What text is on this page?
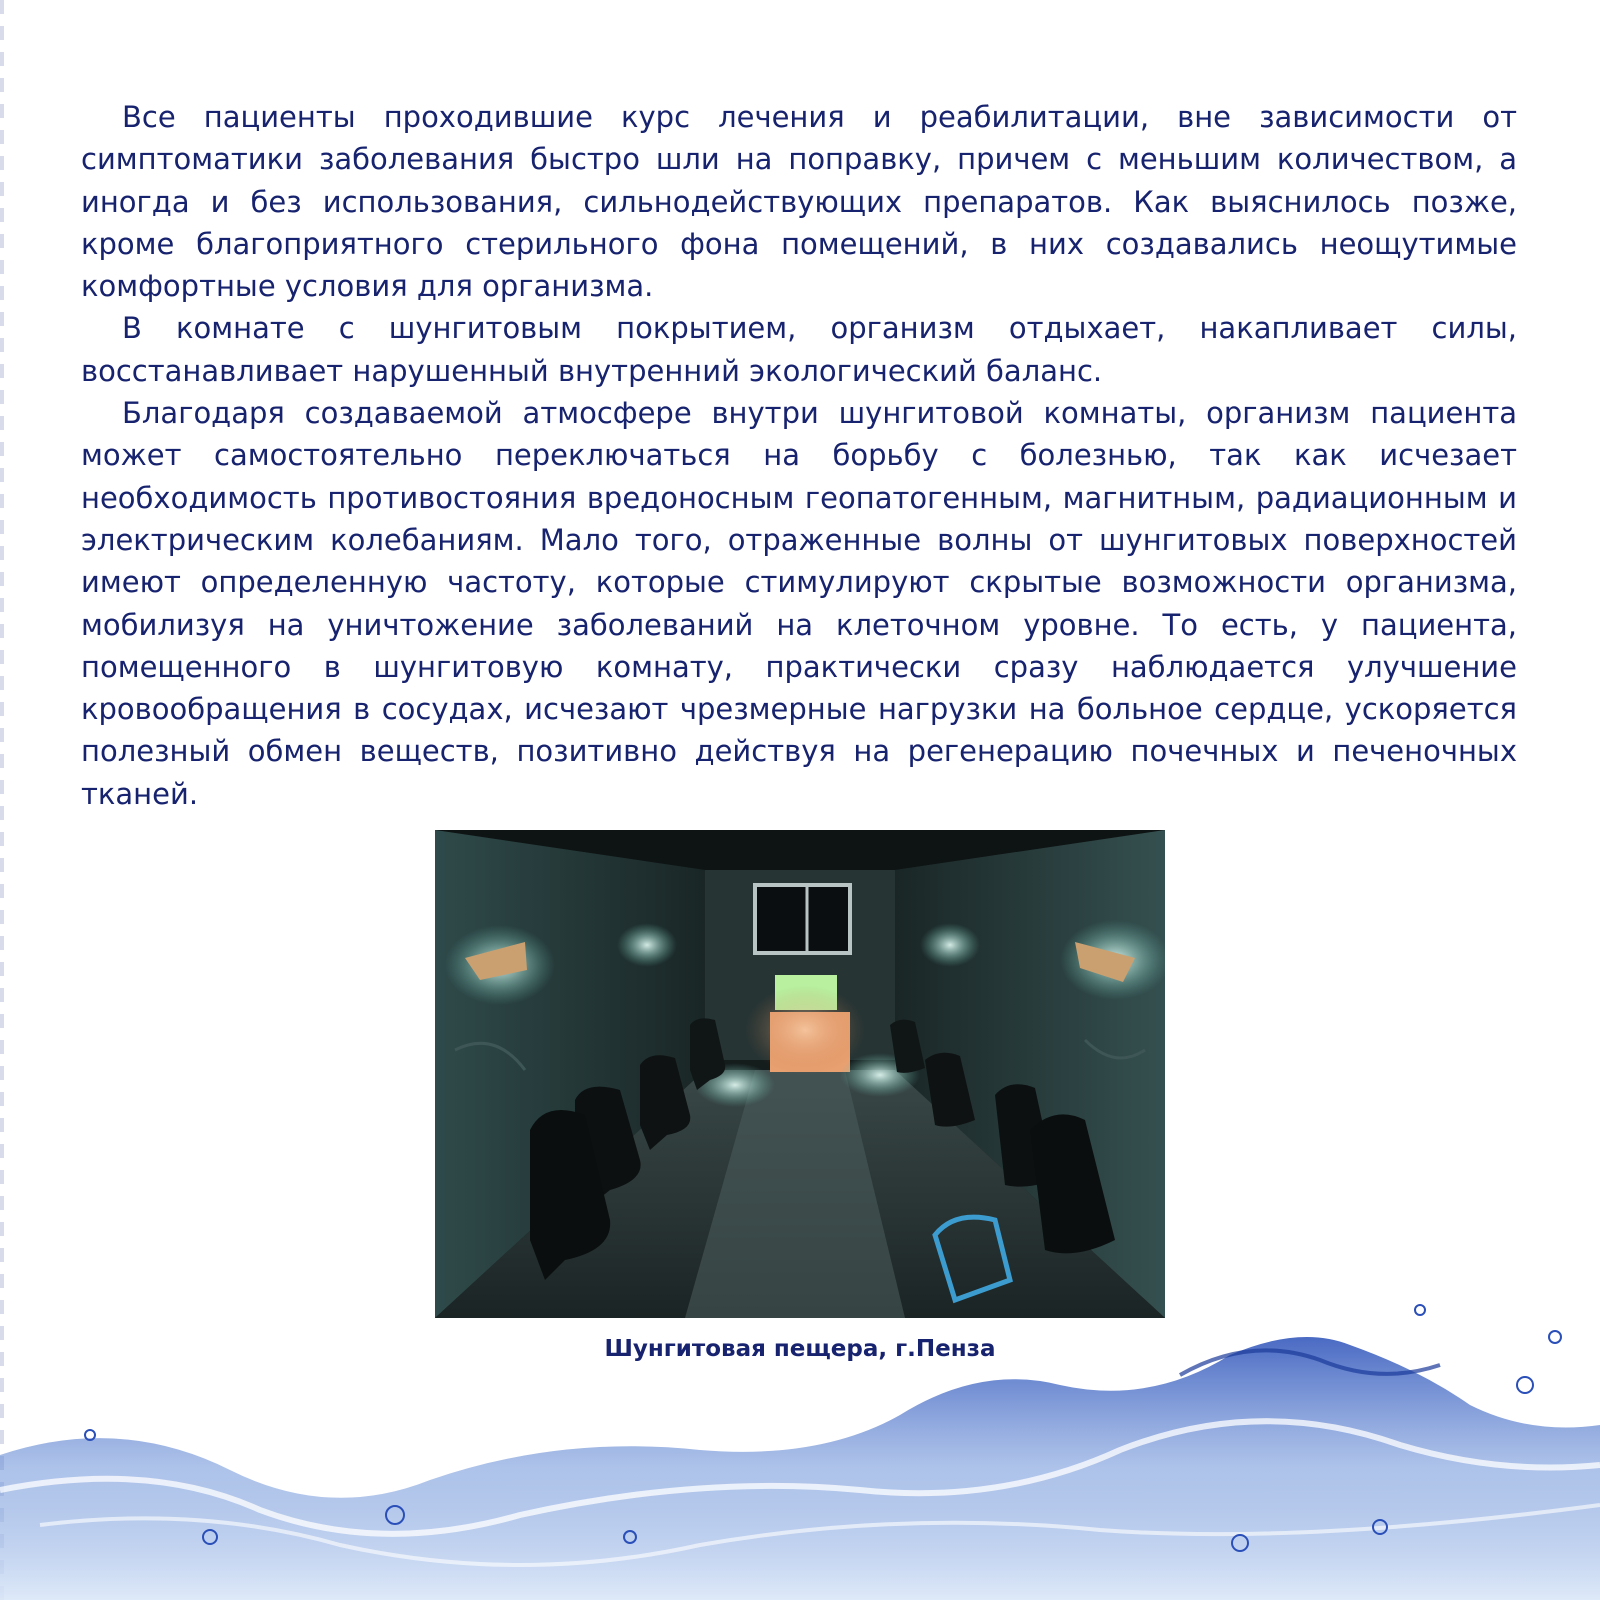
Все пациенты проходившие курс лечения и реабилитации, вне зависимости от симптоматики заболевания быстро шли на поправку, причем с меньшим количеством, а иногда и без использования, сильнодействующих препаратов. Как выяснилось позже, кроме благоприятного стерильного фона помещений, в них создавались неощутимые комфортные условия для организма.

В комнате с шунгитовым покрытием, организм отдыхает, накапливает силы, восстанавливает нарушенный внутренний экологический баланс.

Благодаря создаваемой атмосфере внутри шунгитовой комнаты, организм пациента может самостоятельно переключаться на борьбу с болезнью, так как исчезает необходимость противостояния вредоносным геопатогенным, магнитным, радиационным и электрическим колебаниям. Мало того, отраженные волны от шунгитовых поверхностей имеют определенную частоту, которые стимулируют скрытые возможности организма, мобилизуя на уничтожение заболеваний на клеточном уровне. То есть, у пациента, помещенного в шунгитовую комнату, практически сразу наблюдается улучшение кровообращения в сосудах, исчезают чрезмерные нагрузки на больное сердце, ускоряется полезный обмен веществ, позитивно действуя на регенерацию почечных и печеночных тканей.

Шунгитовая пещера, г.Пенза
